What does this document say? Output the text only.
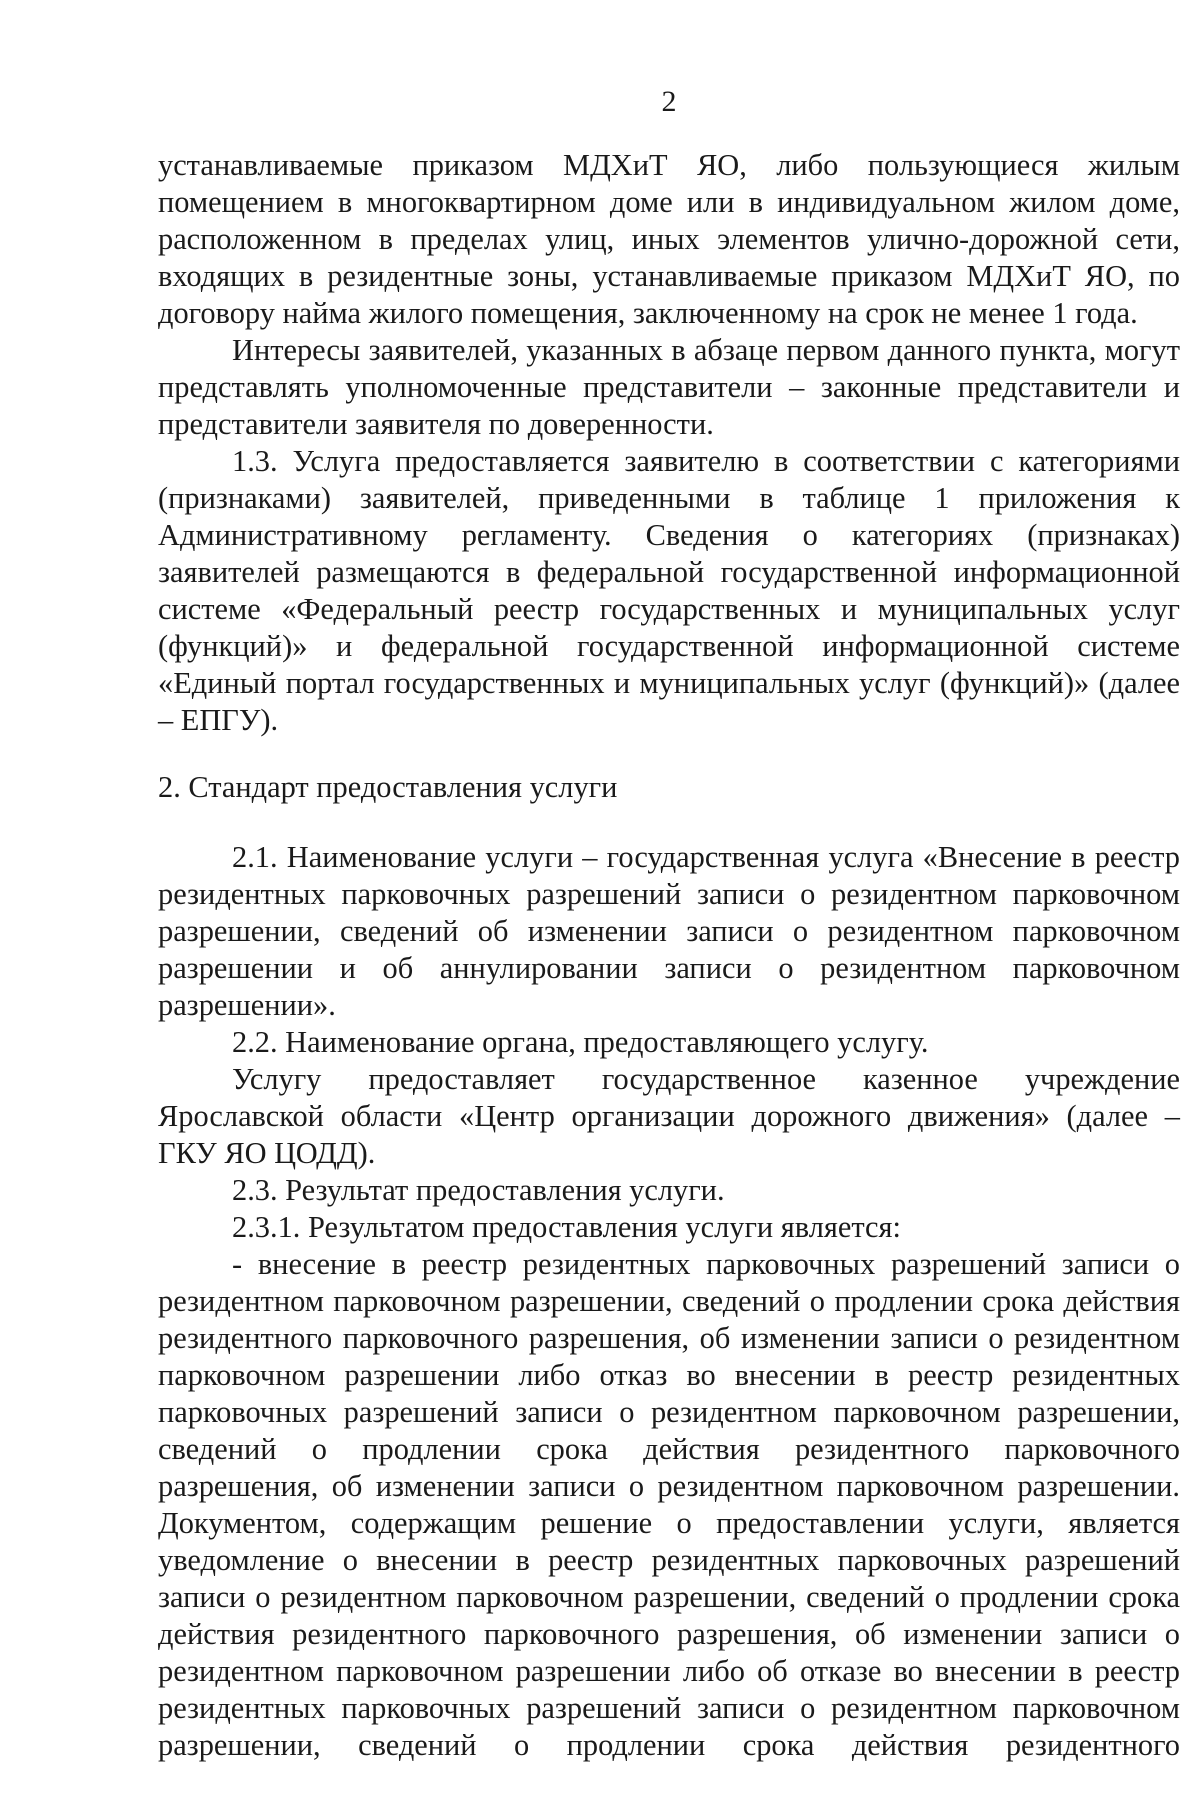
2

устанавливаемые приказом МДХиТ ЯО, либо пользующиеся жилым помещением в многоквартирном доме или в индивидуальном жилом доме, расположенном в пределах улиц, иных элементов улично-дорожной сети, входящих в резидентные зоны, устанавливаемые приказом МДХиТ ЯО, по договору найма жилого помещения, заключенному на срок не менее 1 года.

Интересы заявителей, указанных в абзаце первом данного пункта, могут представлять уполномоченные представители – законные представители и представители заявителя по доверенности.

1.3. Услуга предоставляется заявителю в соответствии с категориями (признаками) заявителей, приведенными в таблице 1 приложения к Административному регламенту. Сведения о категориях (признаках) заявителей размещаются в федеральной государственной информационной системе «Федеральный реестр государственных и муниципальных услуг (функций)» и федеральной государственной информационной системе «Единый портал государственных и муниципальных услуг (функций)» (далее – ЕПГУ).

2. Стандарт предоставления услуги

2.1. Наименование услуги – государственная услуга «Внесение в реестр резидентных парковочных разрешений записи о резидентном парковочном разрешении, сведений об изменении записи о резидентном парковочном разрешении и об аннулировании записи о резидентном парковочном разрешении».

2.2. Наименование органа, предоставляющего услугу.

Услугу предоставляет государственное казенное учреждение Ярославской области «Центр организации дорожного движения» (далее – ГКУ ЯО ЦОДД).

2.3. Результат предоставления услуги.

2.3.1. Результатом предоставления услуги является:

- внесение в реестр резидентных парковочных разрешений записи о резидентном парковочном разрешении, сведений о продлении срока действия резидентного парковочного разрешения, об изменении записи о резидентном парковочном разрешении либо отказ во внесении в реестр резидентных парковочных разрешений записи о резидентном парковочном разрешении, сведений о продлении срока действия резидентного парковочного разрешения, об изменении записи о резидентном парковочном разрешении. Документом, содержащим решение о предоставлении услуги, является уведомление о внесении в реестр резидентных парковочных разрешений записи о резидентном парковочном разрешении, сведений о продлении срока действия резидентного парковочного разрешения, об изменении записи о резидентном парковочном разрешении либо об отказе во внесении в реестр резидентных парковочных разрешений записи о резидентном парковочном разрешении, сведений о продлении срока действия резидентного
